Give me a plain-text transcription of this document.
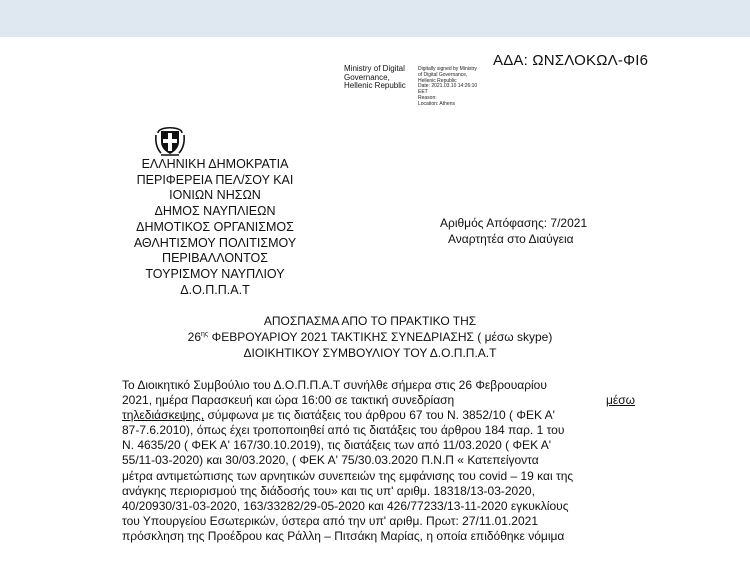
ΑΔΑ: ΩΝΣΛΟΚΩΛ-ΦΙ6
Ministry of Digital
Governance,
Hellenic Republic
Digitally signed by Ministry
of Digital Governance,
Hellenic Republic
Date: 2021.03.10 14:26:10
EET
Reason:
Location: Athens
ΕΛΛΗΝΙΚΗ ΔΗΜΟΚΡΑΤΙΑ
ΠΕΡΙΦΕΡΕΙΑ ΠΕΛ/ΣΟΥ ΚΑΙ
ΙΟΝΙΩΝ ΝΗΣΩΝ
ΔΗΜΟΣ ΝΑΥΠΛΙΕΩΝ
ΔΗΜΟΤΙΚΟΣ ΟΡΓΑΝΙΣΜΟΣ
ΑΘΛΗΤΙΣΜΟΥ ΠΟΛΙΤΙΣΜΟΥ
ΠΕΡΙΒΑΛΛΟΝΤΟΣ
ΤΟΥΡΙΣΜΟΥ ΝΑΥΠΛΙΟΥ
Δ.Ο.Π.Π.Α.Τ
Αριθμός Απόφασης: 7/2021
Αναρτητέα στο Διαύγεια
ΑΠΟΣΠΑΣΜΑ ΑΠΟ ΤΟ ΠΡΑΚΤΙΚΟ ΤΗΣ
$26^{\eta\varsigma}$ ΦΕΒΡΟΥΑΡΙΟΥ 2021 ΤΑΚΤΙΚΗΣ ΣΥΝΕΔΡΙΑΣΗΣ ( μέσω skype)
ΔΙΟΙΚΗΤΙΚΟΥ ΣΥΜΒΟΥΛΙΟΥ ΤΟΥ Δ.Ο.Π.Π.Α.Τ
Το Διοικητικό Συμβούλιο του Δ.Ο.Π.Π.Α.Τ συνήλθε σήμερα στις 26 Φεβρουαρίου
2021, ημέρα Παρασκευή και ώρα 16:00 σε τακτική συνεδρίαση	μέσω
τηλεδιάσκεψης, σύμφωνα με τις διατάξεις του άρθρου 67 του Ν. 3852/10 ( ΦΕΚ Α'
87-7.6.2010), όπως έχει τροποποιηθεί από τις διατάξεις του άρθρου 184 παρ. 1 του
Ν. 4635/20 ( ΦΕΚ Α' 167/30.10.2019), τις διατάξεις των από 11/03.2020 ( ΦΕΚ Α'
55/11-03-2020) και 30/03.2020, ( ΦΕΚ Α' 75/30.03.2020 Π.Ν.Π « Κατεπείγοντα
μέτρα αντιμετώπισης των αρνητικών συνεπειών της εμφάνισης του covid – 19 και της
ανάγκης περιορισμού της διάδοσής του» και τις υπ' αριθμ. 18318/13-03-2020,
40/20930/31-03-2020, 163/33282/29-05-2020 και 426/77233/13-11-2020 εγκυκλίους
του Υπουργείου Εσωτερικών, ύστερα από την υπ' αριθμ. Πρωτ: 27/11.01.2021
πρόσκληση της Προέδρου κας Ράλλη – Πιτσάκη Μαρίας, η οποία επιδόθηκε νόμιμα
